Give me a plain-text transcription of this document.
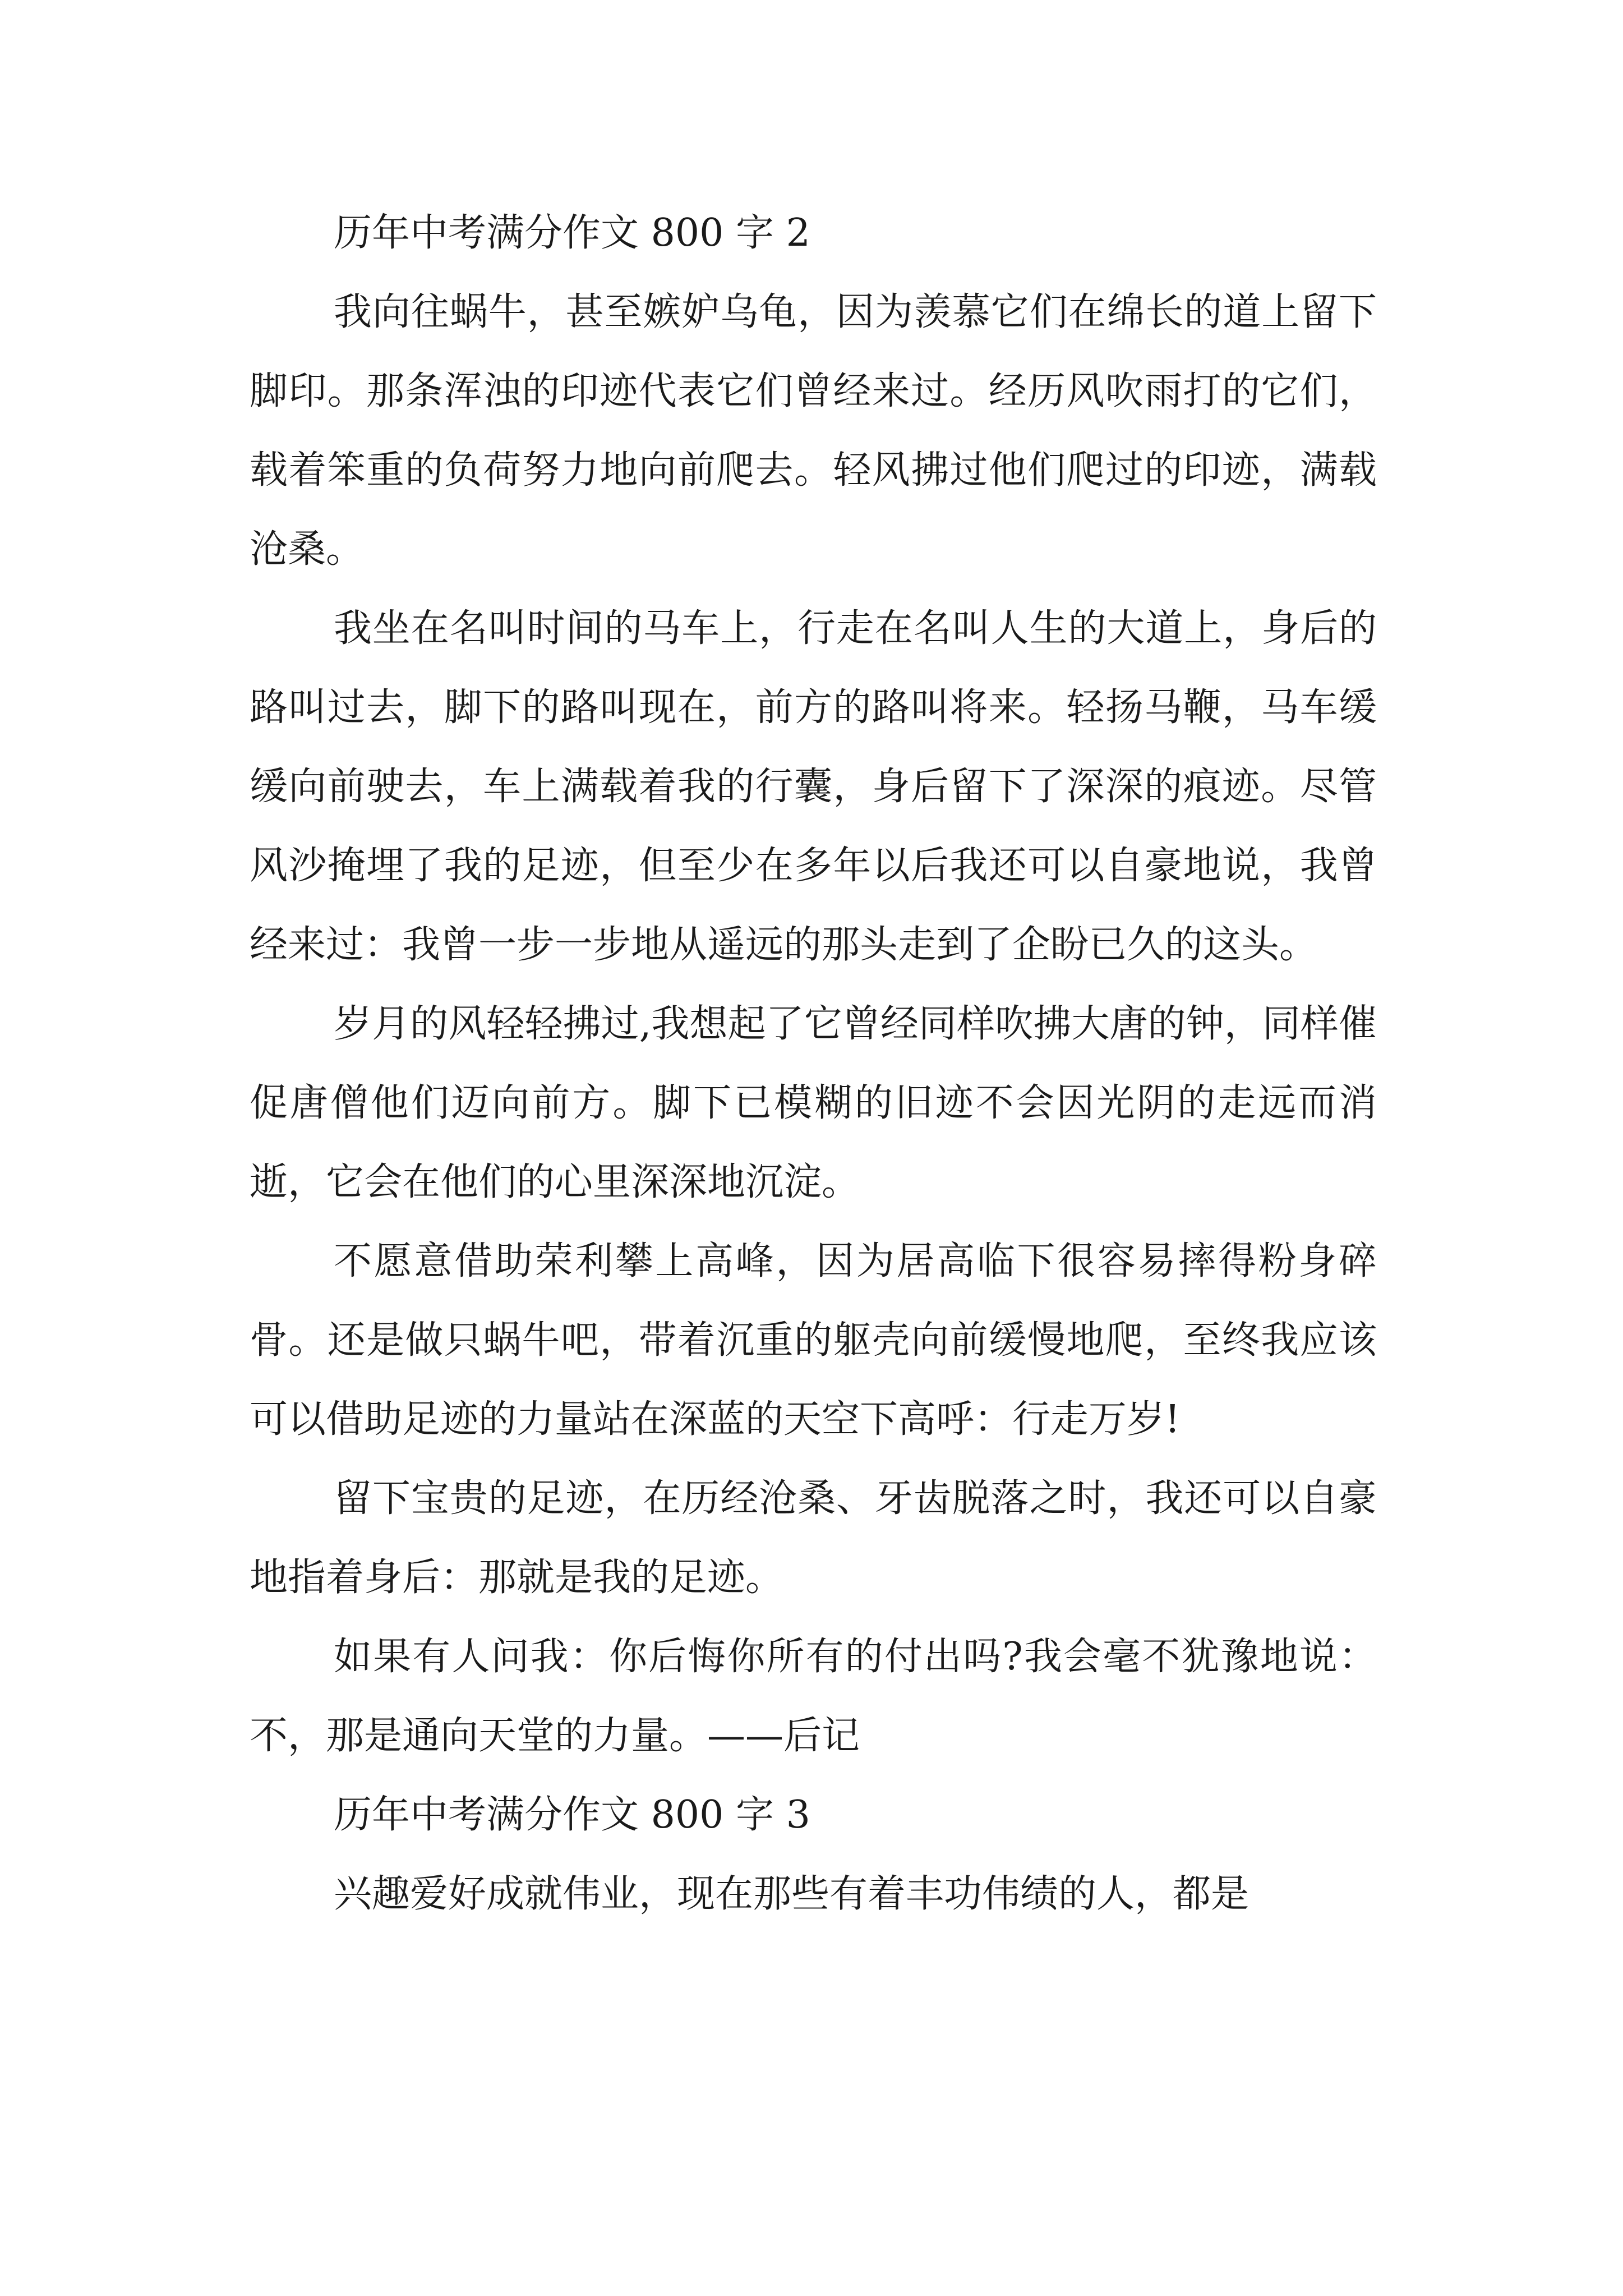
历年中考满分作文 800 字 2

我向往蜗牛，甚至嫉妒乌龟，因为羡慕它们在绵长的道上留下脚印。那条浑浊的印迹代表它们曾经来过。经历风吹雨打的它们，载着笨重的负荷努力地向前爬去。轻风拂过他们爬过的印迹，满载沧桑。

我坐在名叫时间的马车上，行走在名叫人生的大道上，身后的路叫过去，脚下的路叫现在，前方的路叫将来。轻扬马鞭，马车缓缓向前驶去，车上满载着我的行囊，身后留下了深深的痕迹。尽管风沙掩埋了我的足迹，但至少在多年以后我还可以自豪地说，我曾经来过：我曾一步一步地从遥远的那头走到了企盼已久的这头。

岁月的风轻轻拂过,我想起了它曾经同样吹拂大唐的钟，同样催促唐僧他们迈向前方。脚下已模糊的旧迹不会因光阴的走远而消逝，它会在他们的心里深深地沉淀。

不愿意借助荣利攀上高峰，因为居高临下很容易摔得粉身碎骨。还是做只蜗牛吧，带着沉重的躯壳向前缓慢地爬，至终我应该可以借助足迹的力量站在深蓝的天空下高呼：行走万岁!

留下宝贵的足迹，在历经沧桑、牙齿脱落之时，我还可以自豪地指着身后：那就是我的足迹。

如果有人问我：你后悔你所有的付出吗?我会毫不犹豫地说：不，那是通向天堂的力量。——后记

历年中考满分作文 800 字 3

兴趣爱好成就伟业，现在那些有着丰功伟绩的人，都是
